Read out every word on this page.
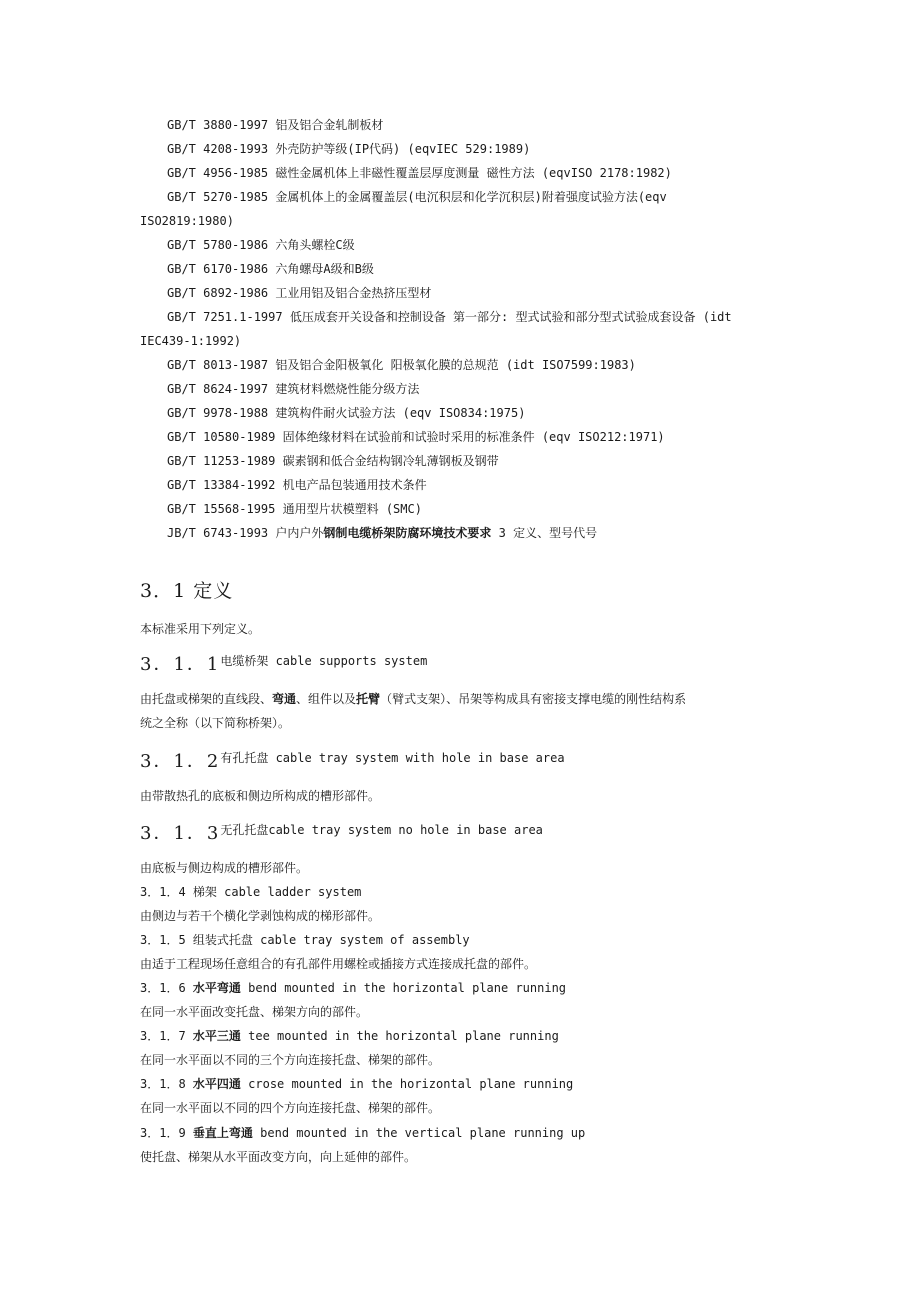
GB/T 3880-1997 铝及铝合金轧制板材
GB/T 4208-1993 外壳防护等级(IP代码) (eqvIEC 529:1989)
GB/T 4956-1985 磁性金属机体上非磁性覆盖层厚度测量 磁性方法 (eqvISO 2178:1982)
GB/T 5270-1985 金属机体上的金属覆盖层(电沉积层和化学沉积层)附着强度试验方法(eqv
ISO2819:1980)
GB/T 5780-1986 六角头螺栓C级
GB/T 6170-1986 六角螺母A级和B级
GB/T 6892-1986 工业用铝及铝合金热挤压型材
GB/T 7251.1-1997 低压成套开关设备和控制设备 第一部分: 型式试验和部分型式试验成套设备 (idt
IEC439-1:1992)
GB/T 8013-1987 铝及铝合金阳极氧化 阳极氧化膜的总规范 (idt ISO7599:1983)
GB/T 8624-1997 建筑材料燃烧性能分级方法
GB/T 9978-1988 建筑构件耐火试验方法 (eqv ISO834:1975)
GB/T 10580-1989 固体绝缘材料在试验前和试验时采用的标准条件 (eqv ISO212:1971)
GB/T 11253-1989 碳素钢和低合金结构钢冷轧薄钢板及钢带
GB/T 13384-1992 机电产品包装通用技术条件
GB/T 15568-1995 通用型片状模塑料 (SMC)
JB/T 6743-1993 户内户外钢制电缆桥架防腐环境技术要求 3 定义、型号代号
3．1 定义
本标准采用下列定义。
3．1．$1^{电缆桥架 cable supports system}$
由托盘或梯架的直线段、弯通、组件以及托臂（臂式支架）、吊架等构成具有密接支撑电缆的刚性结构系
统之全称（以下简称桥架）。
3．1．$2^{有孔托盘 cable tray system with hole in base area}$
由带散热孔的底板和侧边所构成的槽形部件。
3．1．$3^{无孔托盘cable tray system no hole in base area}$
由底板与侧边构成的槽形部件。
3．1．4 梯架 cable ladder system
由侧边与若干个横化学剥蚀构成的梯形部件。
3．1．5 组装式托盘 cable tray system of assembly
由适于工程现场任意组合的有孔部件用螺栓或插接方式连接成托盘的部件。
3．1．6 水平弯通 bend mounted in the horizontal plane running
在同一水平面改变托盘、梯架方向的部件。
3．1．7 水平三通 tee mounted in the horizontal plane running
在同一水平面以不同的三个方向连接托盘、梯架的部件。
3．1．8 水平四通 crose mounted in the horizontal plane running
在同一水平面以不同的四个方向连接托盘、梯架的部件。
3．1．9 垂直上弯通 bend mounted in the vertical plane running up
使托盘、梯架从水平面改变方向，向上延伸的部件。
